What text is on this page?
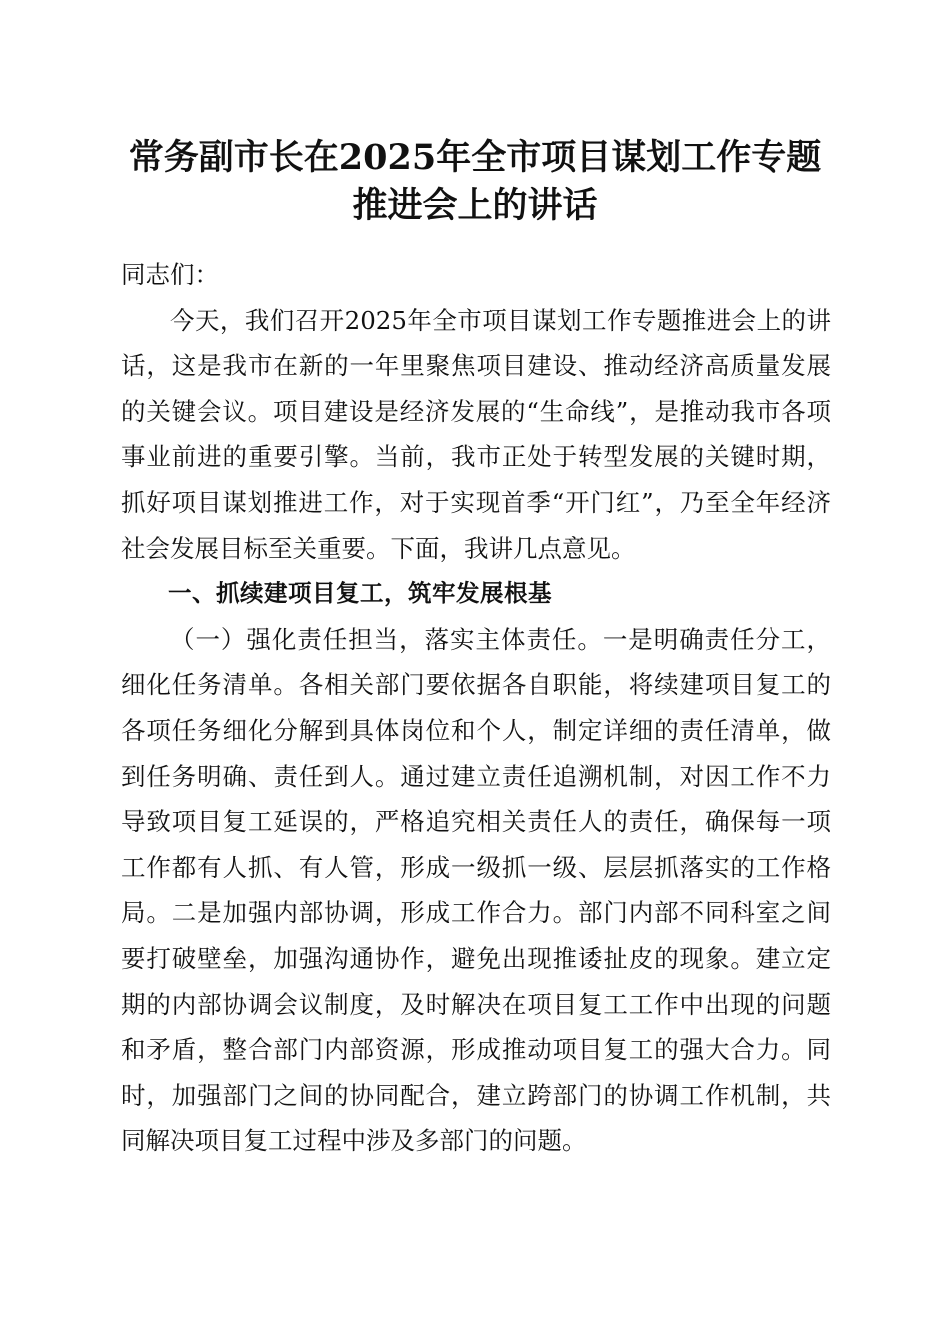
常务副市长在2025年全市项目谋划工作专题
推进会上的讲话

同志们：

今天，我们召开2025年全市项目谋划工作专题推进会上的讲话，这是我市在新的一年里聚焦项目建设、推动经济高质量发展的关键会议。项目建设是经济发展的“生命线”，是推动我市各项事业前进的重要引擎。当前，我市正处于转型发展的关键时期，抓好项目谋划推进工作，对于实现首季“开门红”，乃至全年经济社会发展目标至关重要。下面，我讲几点意见。

一、抓续建项目复工，筑牢发展根基

（一）强化责任担当，落实主体责任。一是明确责任分工，细化任务清单。各相关部门要依据各自职能，将续建项目复工的各项任务细化分解到具体岗位和个人，制定详细的责任清单，做到任务明确、责任到人。通过建立责任追溯机制，对因工作不力导致项目复工延误的，严格追究相关责任人的责任，确保每一项工作都有人抓、有人管，形成一级抓一级、层层抓落实的工作格局。二是加强内部协调，形成工作合力。部门内部不同科室之间要打破壁垒，加强沟通协作，避免出现推诿扯皮的现象。建立定期的内部协调会议制度，及时解决在项目复工工作中出现的问题和矛盾，整合部门内部资源，形成推动项目复工的强大合力。同时，加强部门之间的协同配合，建立跨部门的协调工作机制，共同解决项目复工过程中涉及多部门的问题。
